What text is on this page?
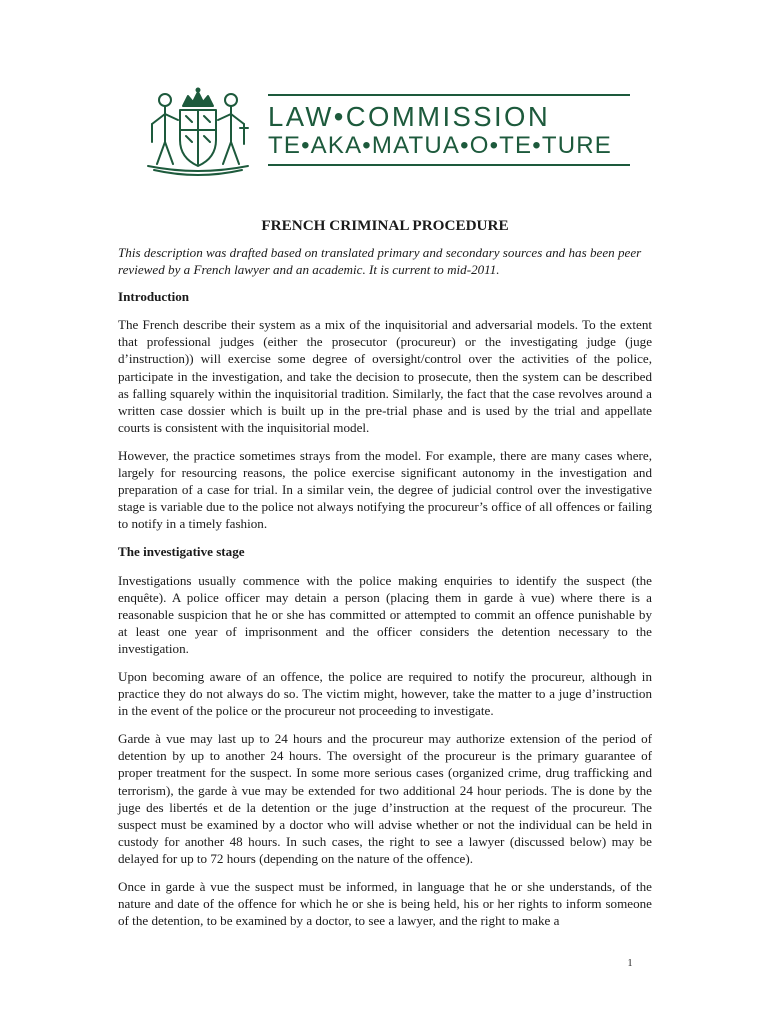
LAW•COMMISSION
TE•AKA•MATUA•O•TE•TURE
FRENCH CRIMINAL PROCEDURE

This description was drafted based on translated primary and secondary sources and has been peer reviewed by a French lawyer and an academic. It is current to mid-2011.

Introduction

The French describe their system as a mix of the inquisitorial and adversarial models. To the extent that professional judges (either the prosecutor (procureur) or the investigating judge (juge d’instruction)) will exercise some degree of oversight/control over the activities of the police, participate in the investigation, and take the decision to prosecute, then the system can be described as falling squarely within the inquisitorial tradition. Similarly, the fact that the case revolves around a written case dossier which is built up in the pre-trial phase and is used by the trial and appellate courts is consistent with the inquisitorial model.

However, the practice sometimes strays from the model. For example, there are many cases where, largely for resourcing reasons, the police exercise significant autonomy in the investigation and preparation of a case for trial. In a similar vein, the degree of judicial control over the investigative stage is variable due to the police not always notifying the procureur’s office of all offences or failing to notify in a timely fashion.

The investigative stage

Investigations usually commence with the police making enquiries to identify the suspect (the enquête). A police officer may detain a person (placing them in garde à vue) where there is a reasonable suspicion that he or she has committed or attempted to commit an offence punishable by at least one year of imprisonment and the officer considers the detention necessary to the investigation.

Upon becoming aware of an offence, the police are required to notify the procureur, although in practice they do not always do so. The victim might, however, take the matter to a juge d’instruction in the event of the police or the procureur not proceeding to investigate.

Garde à vue may last up to 24 hours and the procureur may authorize extension of the period of detention by up to another 24 hours. The oversight of the procureur is the primary guarantee of proper treatment for the suspect. In some more serious cases (organized crime, drug trafficking and terrorism), the garde à vue may be extended for two additional 24 hour periods. The is done by the juge des libertés et de la detention or the juge d’instruction at the request of the procureur. The suspect must be examined by a doctor who will advise whether or not the individual can be held in custody for another 48 hours. In such cases, the right to see a lawyer (discussed below) may be delayed for up to 72 hours (depending on the nature of the offence).

Once in garde à vue the suspect must be informed, in language that he or she understands, of the nature and date of the offence for which he or she is being held, his or her rights to inform someone of the detention, to be examined by a doctor, to see a lawyer, and the right to make a

1
